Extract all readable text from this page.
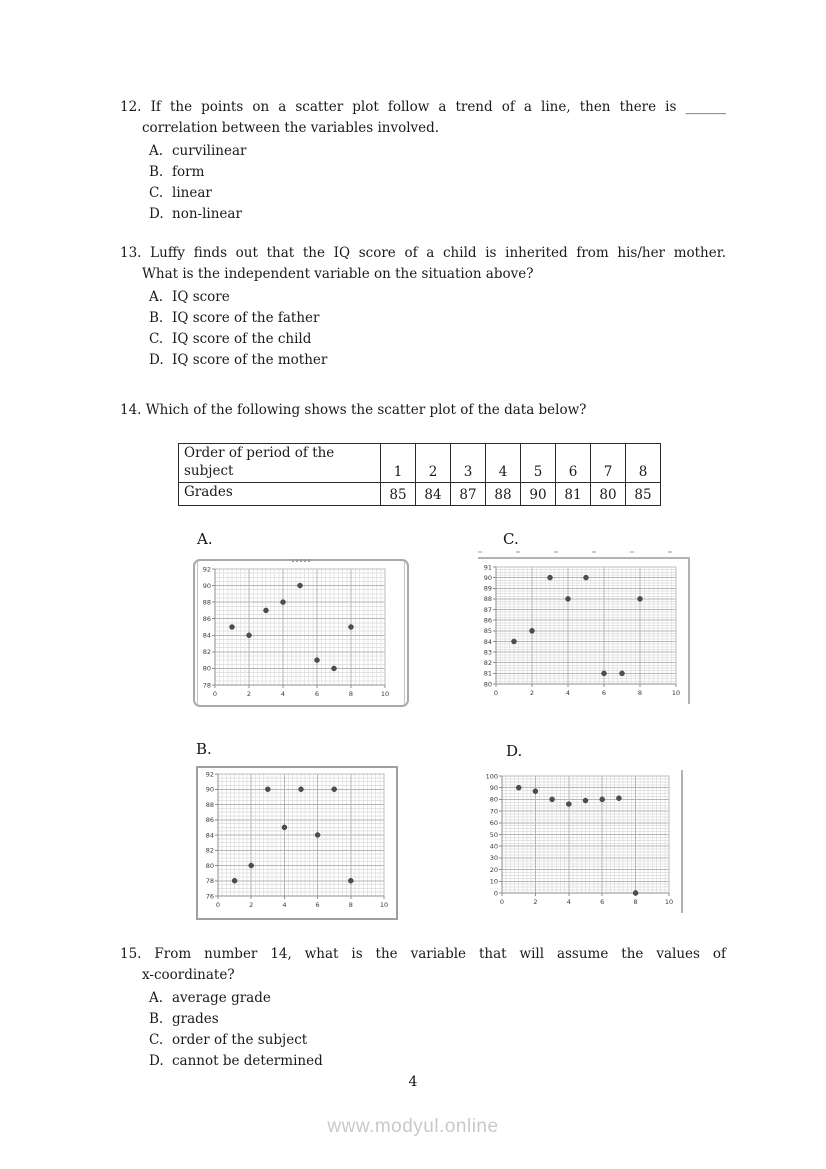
12. If the points on a scatter plot follow a trend of a line, then there is ______
correlation between the variables involved.
A. curvilinear
B. form
C. linear
D. non-linear
13. Luffy finds out that the IQ score of a child is inherited from his/her mother.
What is the independent variable on the situation above?
A. IQ score
B. IQ score of the father
C. IQ score of the child
D. IQ score of the mother
14. Which of the following shows the scatter plot of the data below?
Order of period of the
subject	1	2	3	4	5	6	7	8
Grades	85	84	87	88	90	81	80	85
A.	C.
B.	D.
78
80
82
84
86
88
90
92
0	2	4	6	8	10
80
81
82
83
84
85
86
87
88
89
90
91
0	2	4	6	8	10
76
78
80
82
84
86
88
90
92
0	2	4	6	8	10
0
10
20
30
40
50
60
70
80
90
100
0	2	4	6	8	10
15. From number 14, what is the variable that will assume the values of
x-coordinate?
A. average grade
B. grades
C. order of the subject
D. cannot be determined
4
www.modyul.online
